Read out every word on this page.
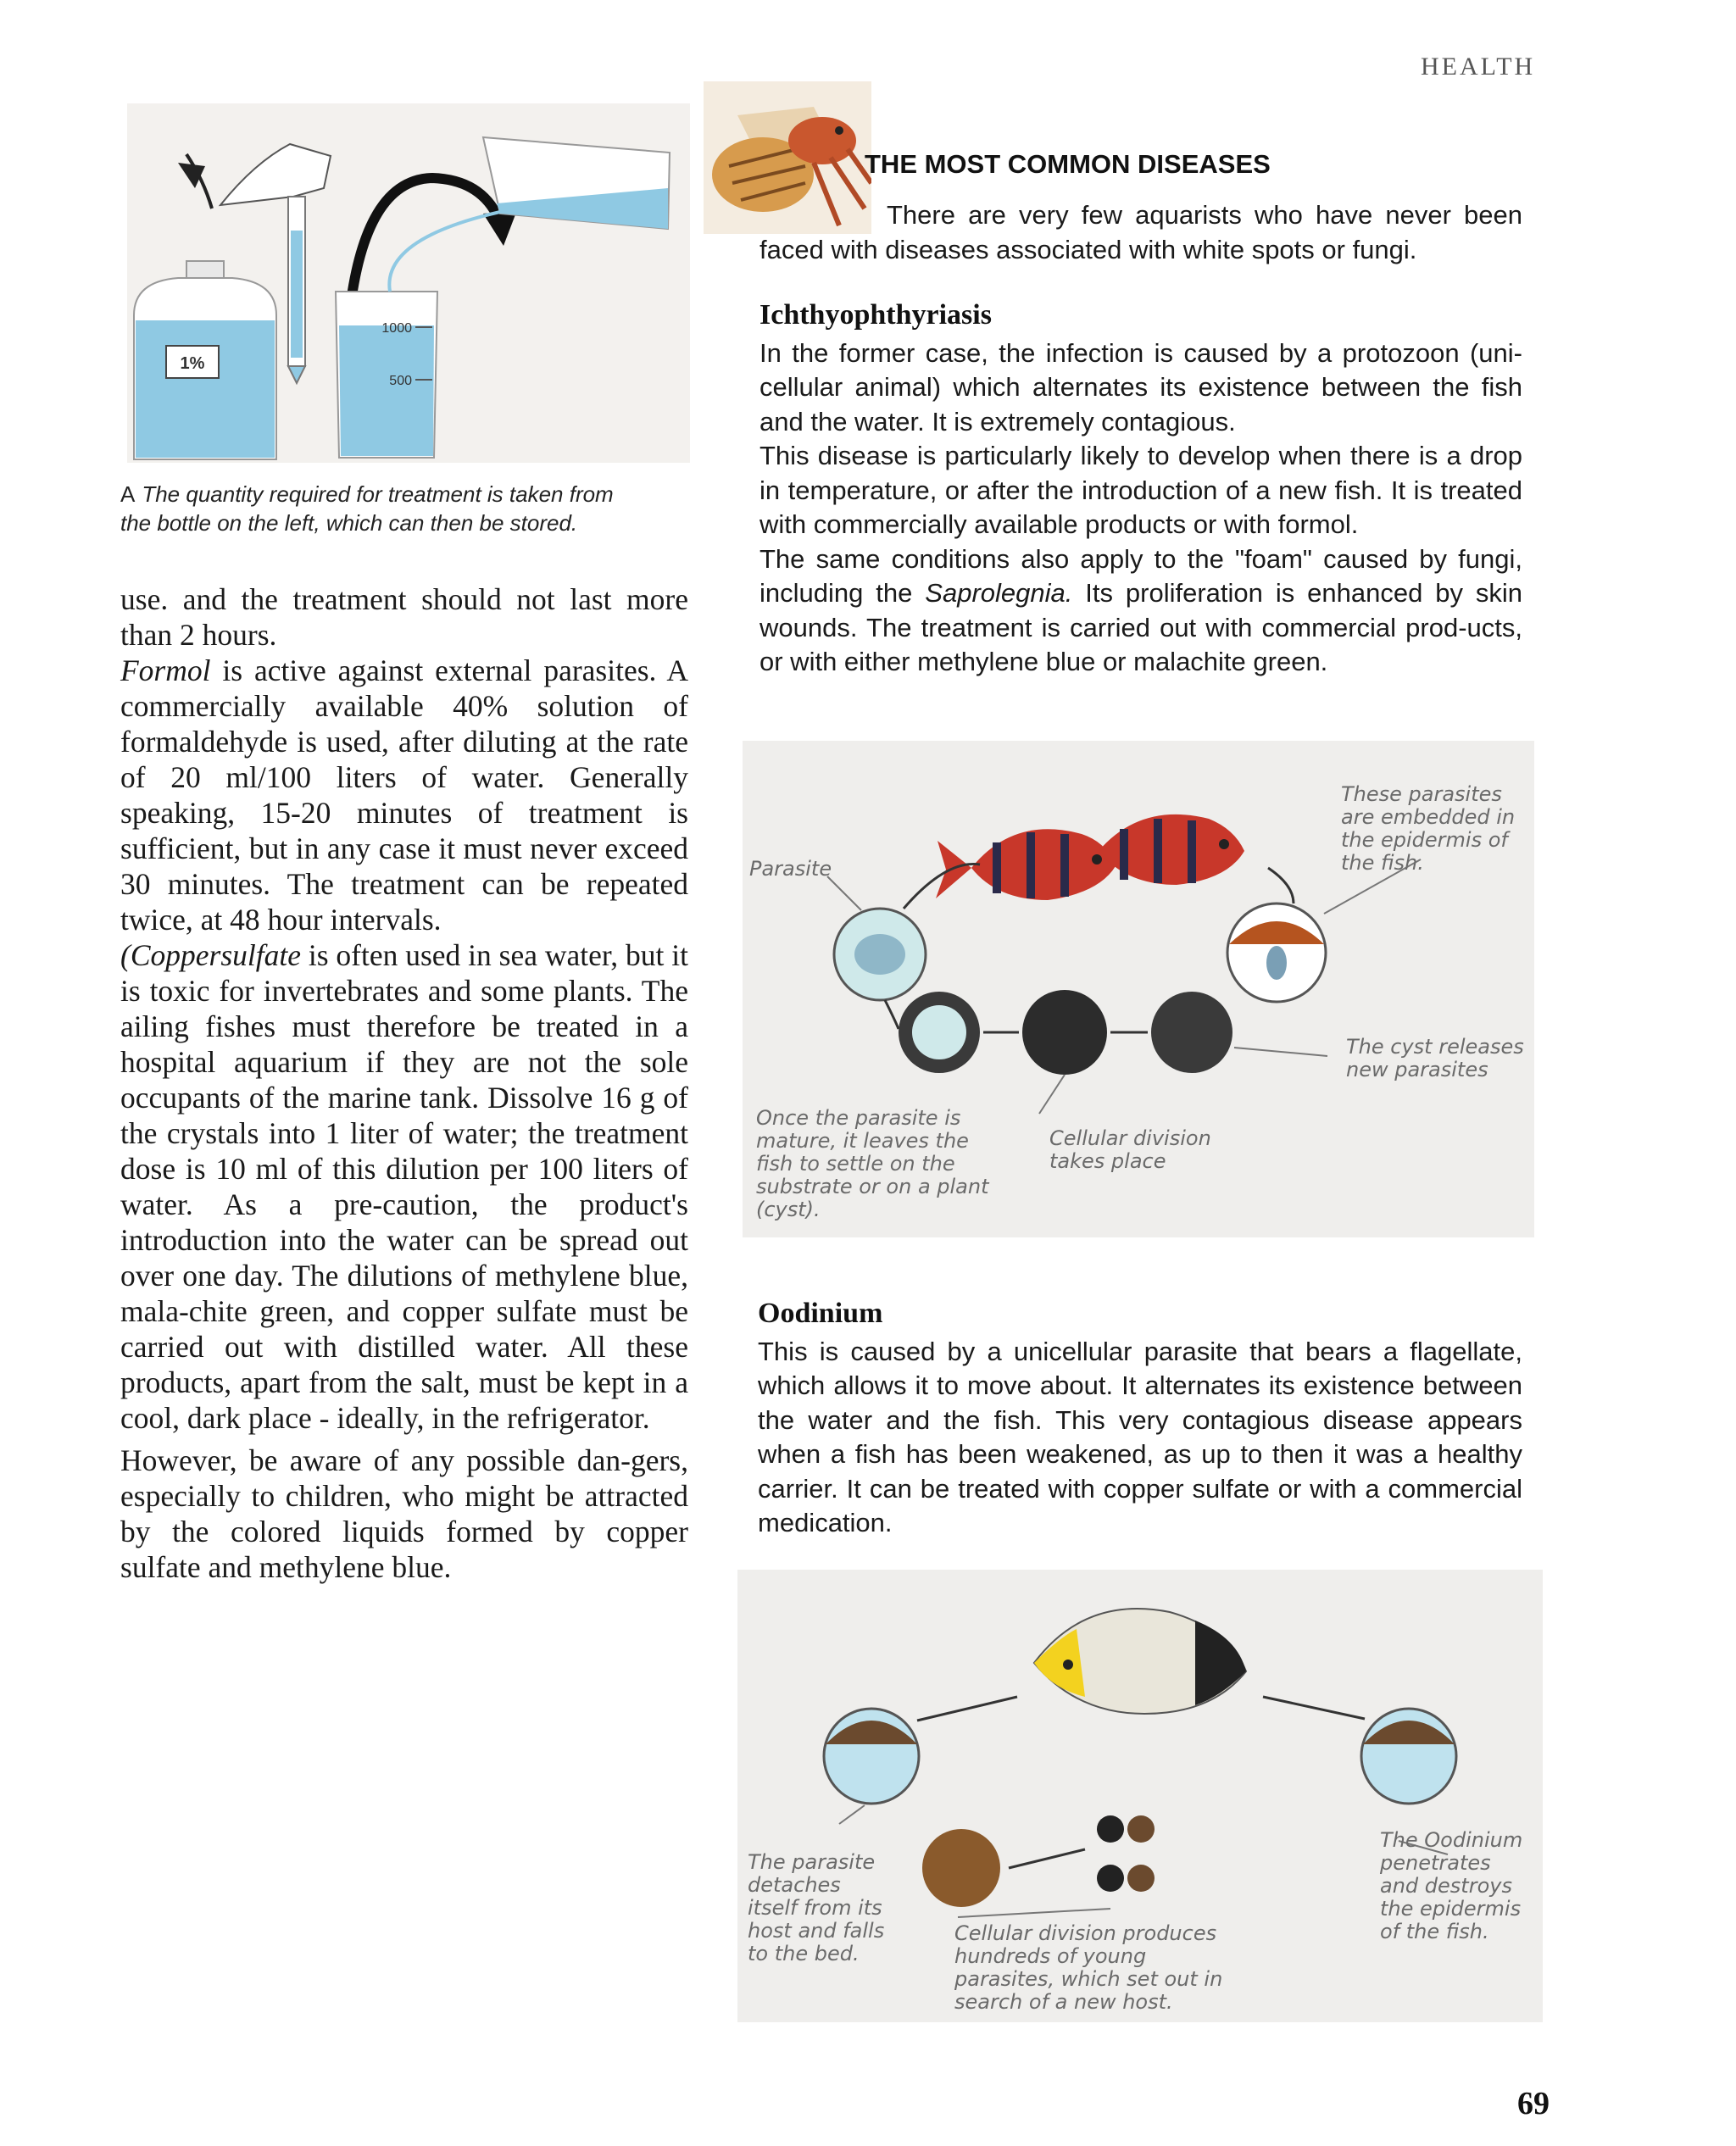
HEALTH
1%
1000
500
A The quantity required for treatment is taken from
the bottle on the left, which can then be stored.

use. and the treatment should not last more than 2 hours.

Formol is active against external parasites. A commercially available 40% solution of formaldehyde is used, after diluting at the rate of 20 ml/100 liters of water. Generally speaking, 15-20 minutes of treatment is sufficient, but in any case it must never exceed 30 minutes. The treatment can be repeated twice, at 48 hour intervals.

(Coppersulfate is often used in sea water, but it is toxic for invertebrates and some plants. The ailing fishes must therefore be treated in a hospital aquarium if they are not the sole occupants of the marine tank. Dissolve 16 g of the crystals into 1 liter of water; the treatment dose is 10 ml of this dilution per 100 liters of water. As a pre-caution, the product's introduction into the water can be spread out over one day. The dilutions of methylene blue, mala-chite green, and copper sulfate must be carried out with distilled water. All these products, apart from the salt, must be kept in a cool, dark place - ideally, in the refrigerator.

However, be aware of any possible dan-gers, especially to children, who might be attracted by the colored liquids formed by copper sulfate and methylene blue.

THE MOST COMMON DISEASES
There are very few aquarists who have never been faced with diseases associated with white spots or fungi.
Ichthyophthyriasis

In the former case, the infection is caused by a protozoon (uni-cellular animal) which alternates its existence between the fish and the water. It is extremely contagious.

This disease is particularly likely to develop when there is a drop in temperature, or after the introduction of a new fish. It is treated with commercially available products or with formol.

The same conditions also apply to the "foam" caused by fungi, including the Saprolegnia. Its proliferation is enhanced by skin wounds. The treatment is carried out with commercial prod-ucts, or with either methylene blue or malachite green.

Parasite
These parasites are embedded in the epidermis of the fish.
The cyst releases new parasites
Once the parasite is mature, it leaves the fish to settle on the substrate or on a plant (cyst).
Cellular division takes place
Oodinium

This is caused by a unicellular parasite that bears a flagellate, which allows it to move about. It alternates its existence between the water and the fish. This very contagious disease appears when a fish has been weakened, as up to then it was a healthy carrier. It can be treated with copper sulfate or with a commercial medication.

The parasite detaches itself from its host and falls to the bed.
Cellular division produces hundreds of young parasites, which set out in search of a new host.
The Oodinium penetrates and destroys the epidermis of the fish.
69
